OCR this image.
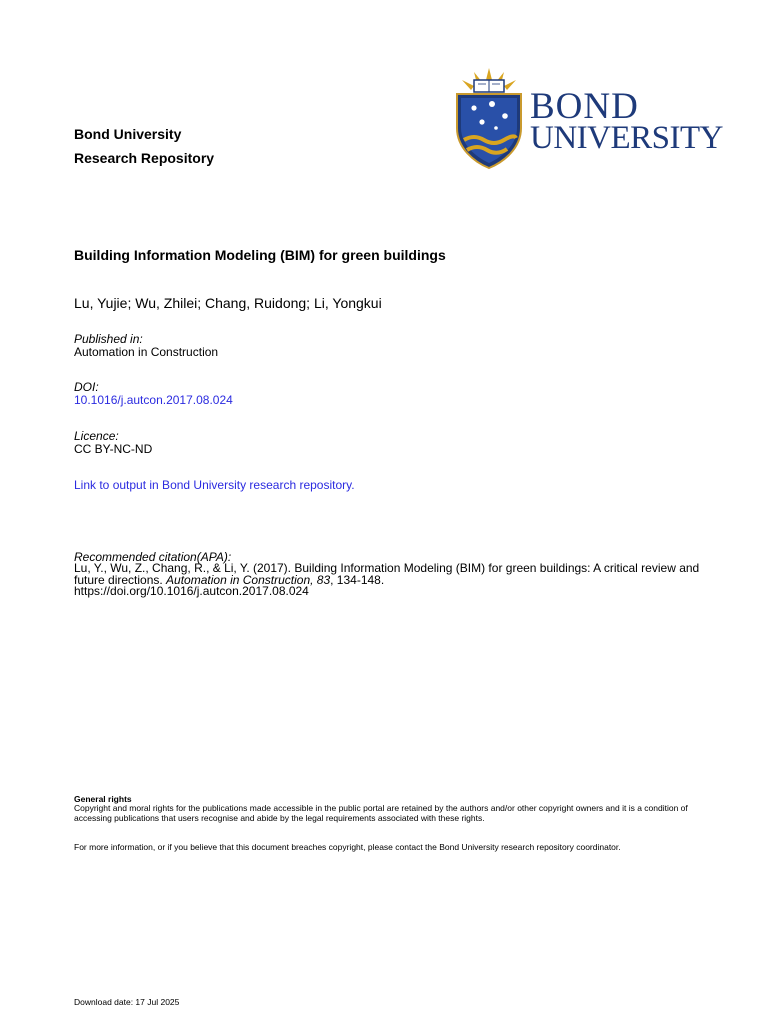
Bond University
Research Repository
BOND
UNIVERSITY
Building Information Modeling (BIM) for green buildings
Lu, Yujie; Wu, Zhilei; Chang, Ruidong; Li, Yongkui
Published in:
Automation in Construction
DOI:
10.1016/j.autcon.2017.08.024
Licence:
CC BY-NC-ND
Link to output in Bond University research repository.
Recommended citation(APA):
Lu, Y., Wu, Z., Chang, R., & Li, Y. (2017). Building Information Modeling (BIM) for green buildings: A critical review and future directions. Automation in Construction, 83, 134-148.
https://doi.org/10.1016/j.autcon.2017.08.024
General rights
Copyright and moral rights for the publications made accessible in the public portal are retained by the authors and/or other copyright owners and it is a condition of accessing publications that users recognise and abide by the legal requirements associated with these rights.
For more information, or if you believe that this document breaches copyright, please contact the Bond University research repository coordinator.
Download date: 17 Jul 2025
